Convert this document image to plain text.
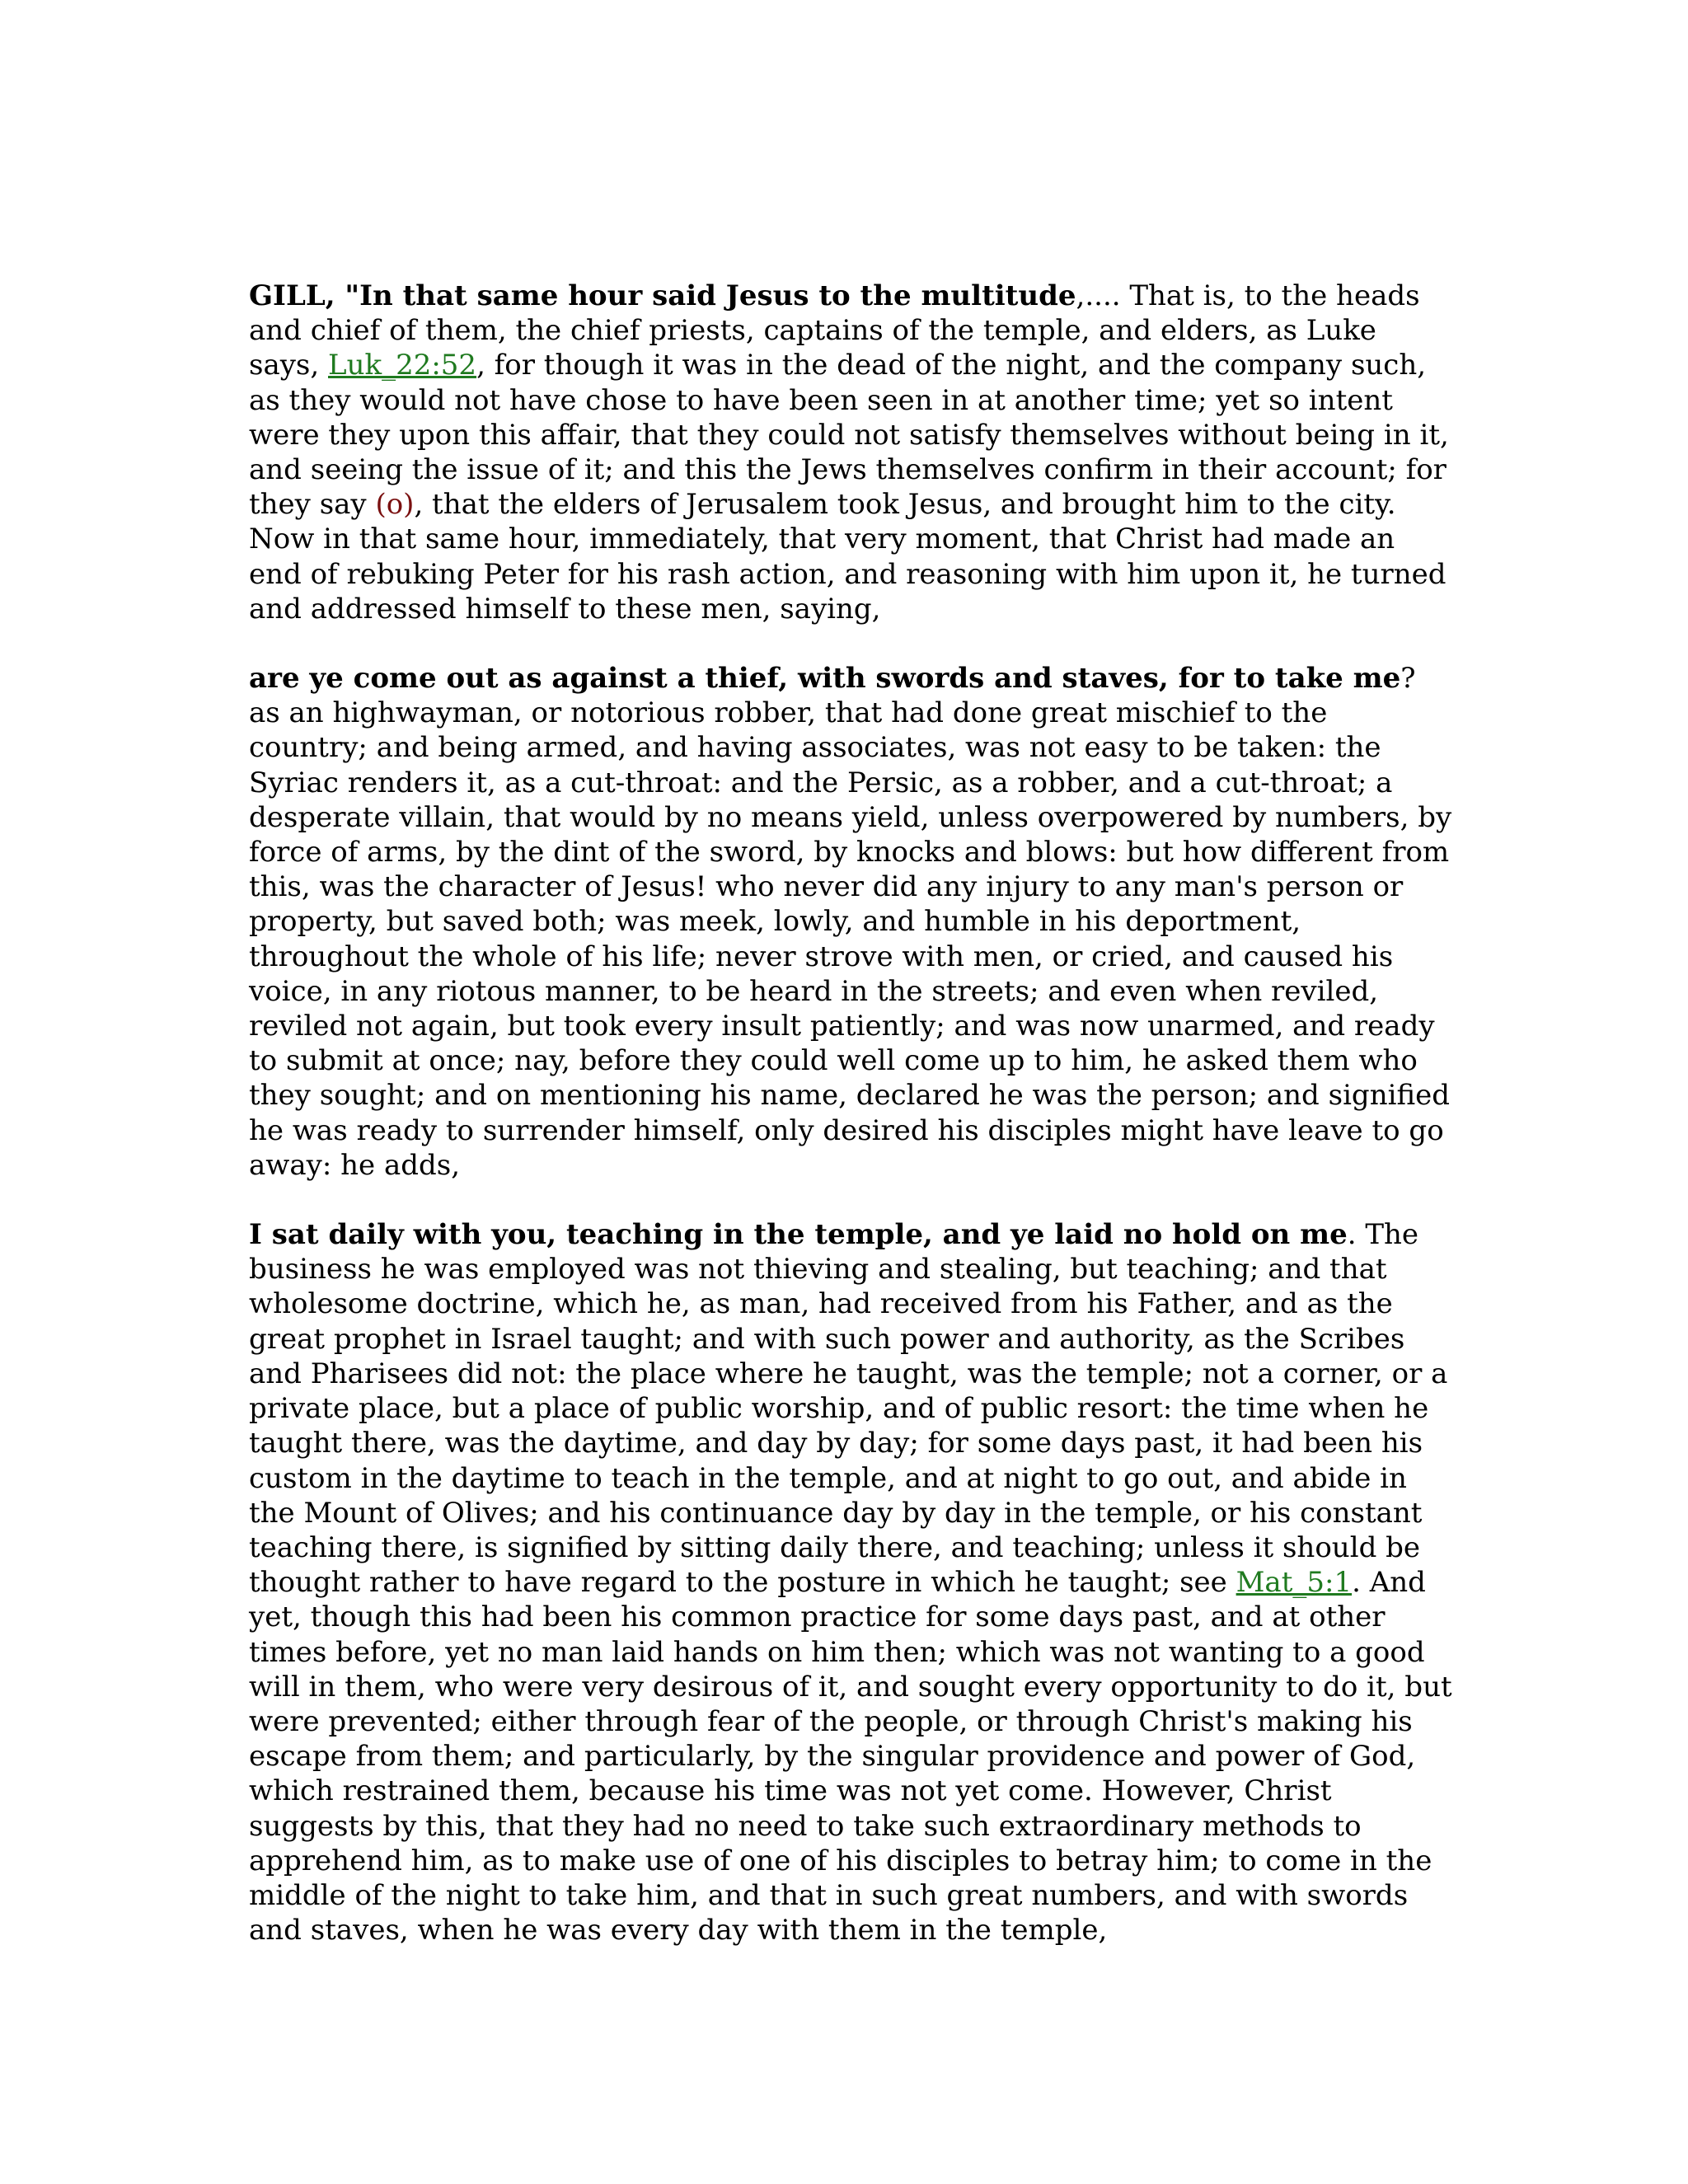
GILL, "In that same hour said Jesus to the multitude,.... That is, to the heads and chief of them, the chief priests, captains of the temple, and elders, as Luke says, Luk_22:52, for though it was in the dead of the night, and the company such, as they would not have chose to have been seen in at another time; yet so intent were they upon this affair, that they could not satisfy themselves without being in it, and seeing the issue of it; and this the Jews themselves confirm in their account; for they say (o), that the elders of Jerusalem took Jesus, and brought him to the city. Now in that same hour, immediately, that very moment, that Christ had made an end of rebuking Peter for his rash action, and reasoning with him upon it, he turned and addressed himself to these men, saying,

are ye come out as against a thief, with swords and staves, for to take me? as an highwayman, or notorious robber, that had done great mischief to the country; and being armed, and having associates, was not easy to be taken: the Syriac renders it, as a cut-throat: and the Persic, as a robber, and a cut-throat; a desperate villain, that would by no means yield, unless overpowered by numbers, by force of arms, by the dint of the sword, by knocks and blows: but how different from this, was the character of Jesus! who never did any injury to any man's person or property, but saved both; was meek, lowly, and humble in his deportment, throughout the whole of his life; never strove with men, or cried, and caused his voice, in any riotous manner, to be heard in the streets; and even when reviled, reviled not again, but took every insult patiently; and was now unarmed, and ready to submit at once; nay, before they could well come up to him, he asked them who they sought; and on mentioning his name, declared he was the person; and signified he was ready to surrender himself, only desired his disciples might have leave to go away: he adds,

I sat daily with you, teaching in the temple, and ye laid no hold on me. The business he was employed was not thieving and stealing, but teaching; and that wholesome doctrine, which he, as man, had received from his Father, and as the great prophet in Israel taught; and with such power and authority, as the Scribes and Pharisees did not: the place where he taught, was the temple; not a corner, or a private place, but a place of public worship, and of public resort: the time when he taught there, was the daytime, and day by day; for some days past, it had been his custom in the daytime to teach in the temple, and at night to go out, and abide in the Mount of Olives; and his continuance day by day in the temple, or his constant teaching there, is signified by sitting daily there, and teaching; unless it should be thought rather to have regard to the posture in which he taught; see Mat_5:1. And yet, though this had been his common practice for some days past, and at other times before, yet no man laid hands on him then; which was not wanting to a good will in them, who were very desirous of it, and sought every opportunity to do it, but were prevented; either through fear of the people, or through Christ's making his escape from them; and particularly, by the singular providence and power of God, which restrained them, because his time was not yet come. However, Christ suggests by this, that they had no need to take such extraordinary methods to apprehend him, as to make use of one of his disciples to betray him; to come in the middle of the night to take him, and that in such great numbers, and with swords and staves, when he was every day with them in the temple,
